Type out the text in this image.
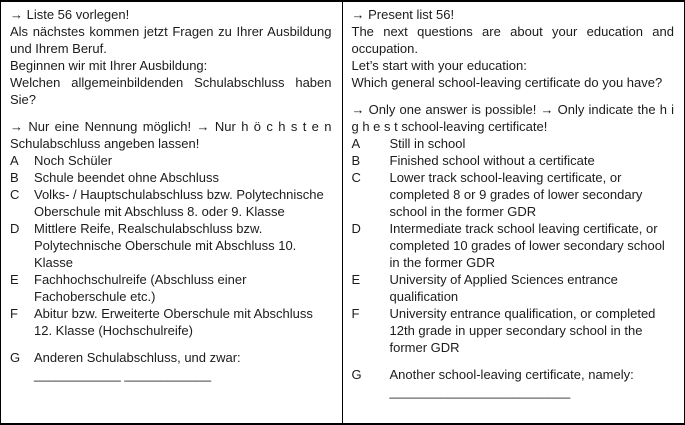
→ Liste 56 vorlegen!

Als nächstes kommen jetzt Fragen zu Ihrer Ausbildung und Ihrem Beruf.

Beginnen wir mit Ihrer Ausbildung:

Welchen allgemeinbildenden Schulabschluss haben Sie?

→ Nur eine Nennung möglich! → Nur h ö c h s t e n Schulabschluss angeben lassen!

A	Noch Schüler
B	Schule beendet ohne Abschluss
C	Volks- / Hauptschulabschluss bzw. Polytechnische Oberschule mit Abschluss 8. oder 9. Klasse
D	Mittlere Reife, Realschulabschluss bzw. Polytechnische Oberschule mit Abschluss 10. Klasse
E	Fachhochschulreife (Abschluss einer Fachoberschule etc.)
F	Abitur bzw. Erweiterte Oberschule mit Abschluss 12. Klasse (Hochschulreife)
G	Anderen Schulabschluss, und zwar:
____________ ____________

→ Present list 56!

The next questions are about your education and occupation.

Let’s start with your education:

Which general school-leaving certificate do you have?

→ Only one answer is possible! → Only indicate the h i g h e s t school-leaving certificate!

A	Still in school
B	Finished school without a certificate
C	Lower track school-leaving certificate, or completed 8 or 9 grades of lower secondary school in the former GDR
D	Intermediate track school leaving certificate, or completed 10 grades of lower secondary school in the former GDR
E	University of Applied Sciences entrance qualification
F	University entrance qualification, or completed 12th grade in upper secondary school in the former GDR
G	Another school-leaving certificate, namely:
_________________________
